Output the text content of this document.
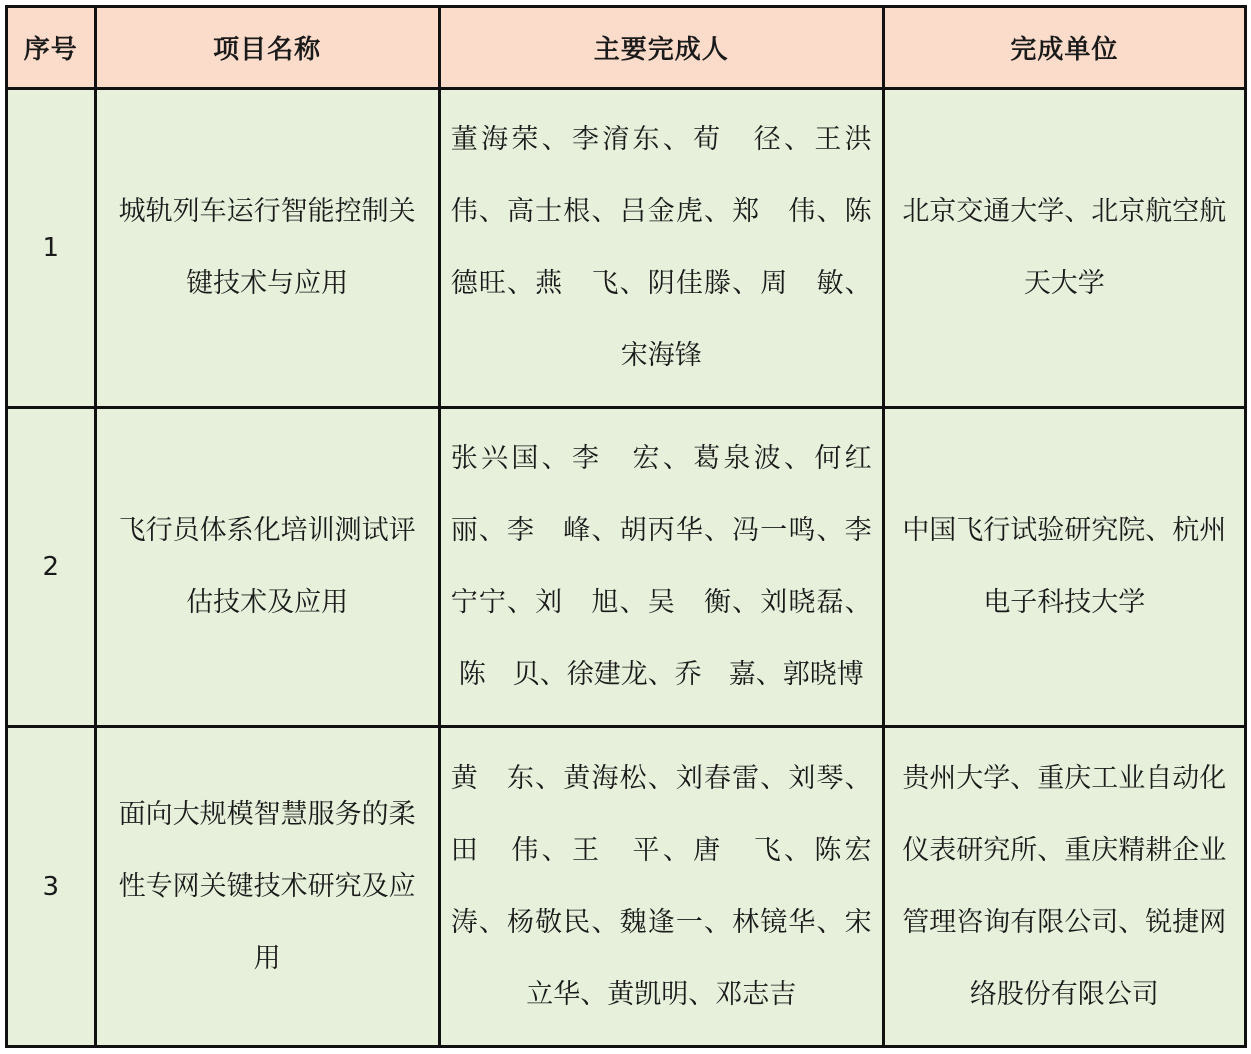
序号	项目名称	主要完成人	完成单位
1	城轨列车运行智能控制关键技术与应用	董海荣、李淯东、荀　径、王洪伟、高士根、吕金虎、郑　伟、陈德旺、燕　飞、阴佳滕、周　敏、宋海锋	北京交通大学、北京航空航天大学

2	飞行员体系化培训测试评估技术及应用	张兴国、李　宏、葛泉波、何红丽、李　峰、胡丙华、冯一鸣、李宁宁、刘　旭、吴　衡、刘晓磊、陈　贝、徐建龙、乔　嘉、郭晓博	中国飞行试验研究院、杭州电子科技大学

3	面向大规模智慧服务的柔性专网关键技术研究及应用	黄　东、黄海松、刘春雷、刘琴、田　伟、王　平、唐　飞、陈宏涛、杨敬民、魏逢一、林镜华、宋立华、黄凯明、邓志吉	贵州大学、重庆工业自动化仪表研究所、重庆精耕企业管理咨询有限公司、锐捷网络股份有限公司
